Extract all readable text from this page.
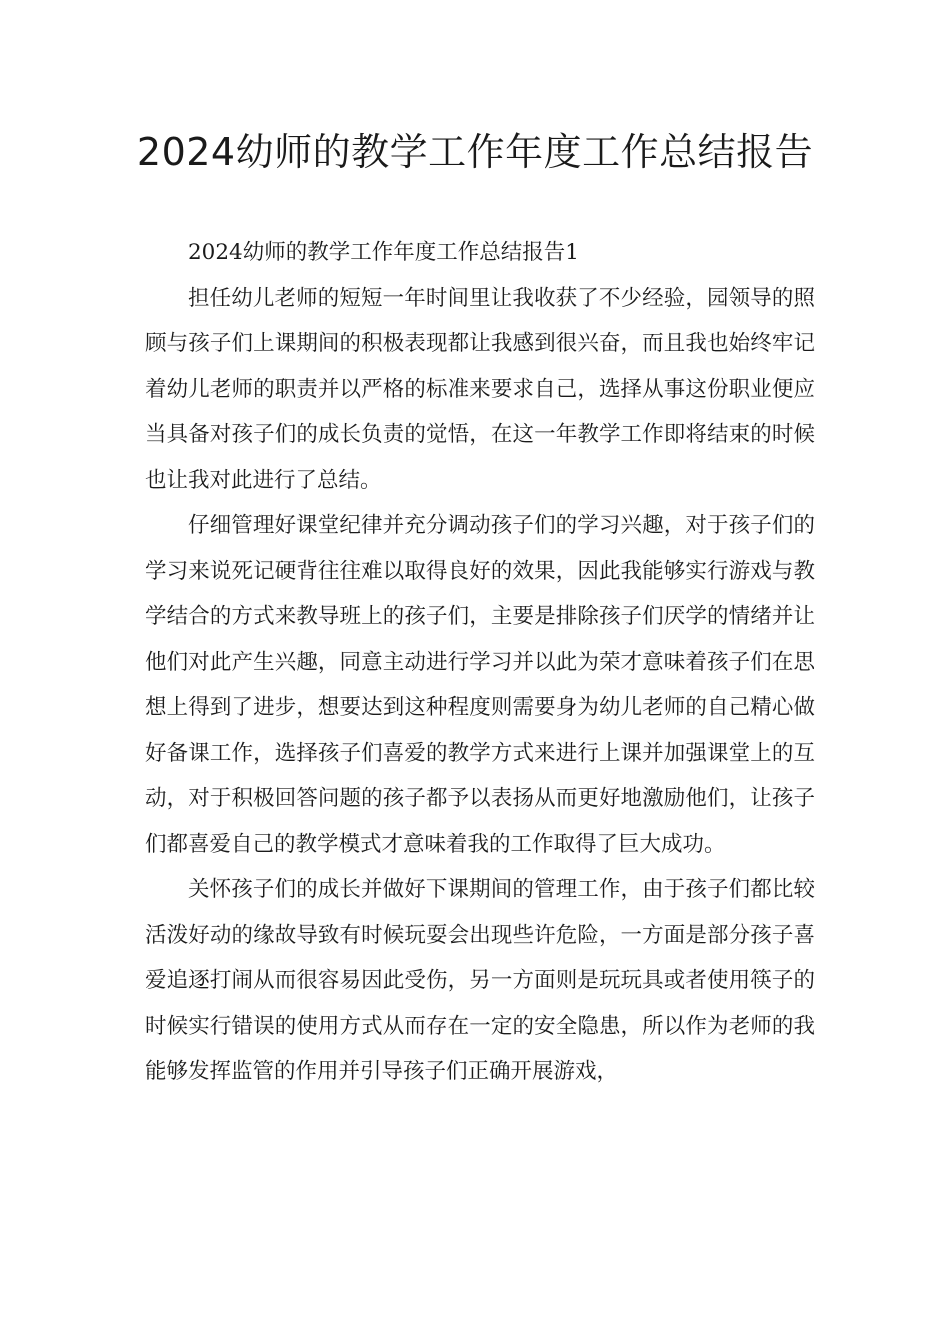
2024幼师的教学工作年度工作总结报告

2024幼师的教学工作年度工作总结报告1

担任幼儿老师的短短一年时间里让我收获了不少经验，园领导的照顾与孩子们上课期间的积极表现都让我感到很兴奋，而且我也始终牢记着幼儿老师的职责并以严格的标准来要求自己，选择从事这份职业便应当具备对孩子们的成长负责的觉悟，在这一年教学工作即将结束的时候也让我对此进行了总结。

仔细管理好课堂纪律并充分调动孩子们的学习兴趣，对于孩子们的学习来说死记硬背往往难以取得良好的效果，因此我能够实行游戏与教学结合的方式来教导班上的孩子们，主要是排除孩子们厌学的情绪并让他们对此产生兴趣，同意主动进行学习并以此为荣才意味着孩子们在思想上得到了进步，想要达到这种程度则需要身为幼儿老师的自己精心做好备课工作，选择孩子们喜爱的教学方式来进行上课并加强课堂上的互动，对于积极回答问题的孩子都予以表扬从而更好地激励他们，让孩子们都喜爱自己的教学模式才意味着我的工作取得了巨大成功。

关怀孩子们的成长并做好下课期间的管理工作，由于孩子们都比较活泼好动的缘故导致有时候玩耍会出现些许危险，一方面是部分孩子喜爱追逐打闹从而很容易因此受伤，另一方面则是玩玩具或者使用筷子的时候实行错误的使用方式从而存在一定的安全隐患，所以作为老师的我能够发挥监管的作用并引导孩子们正确开展游戏，
